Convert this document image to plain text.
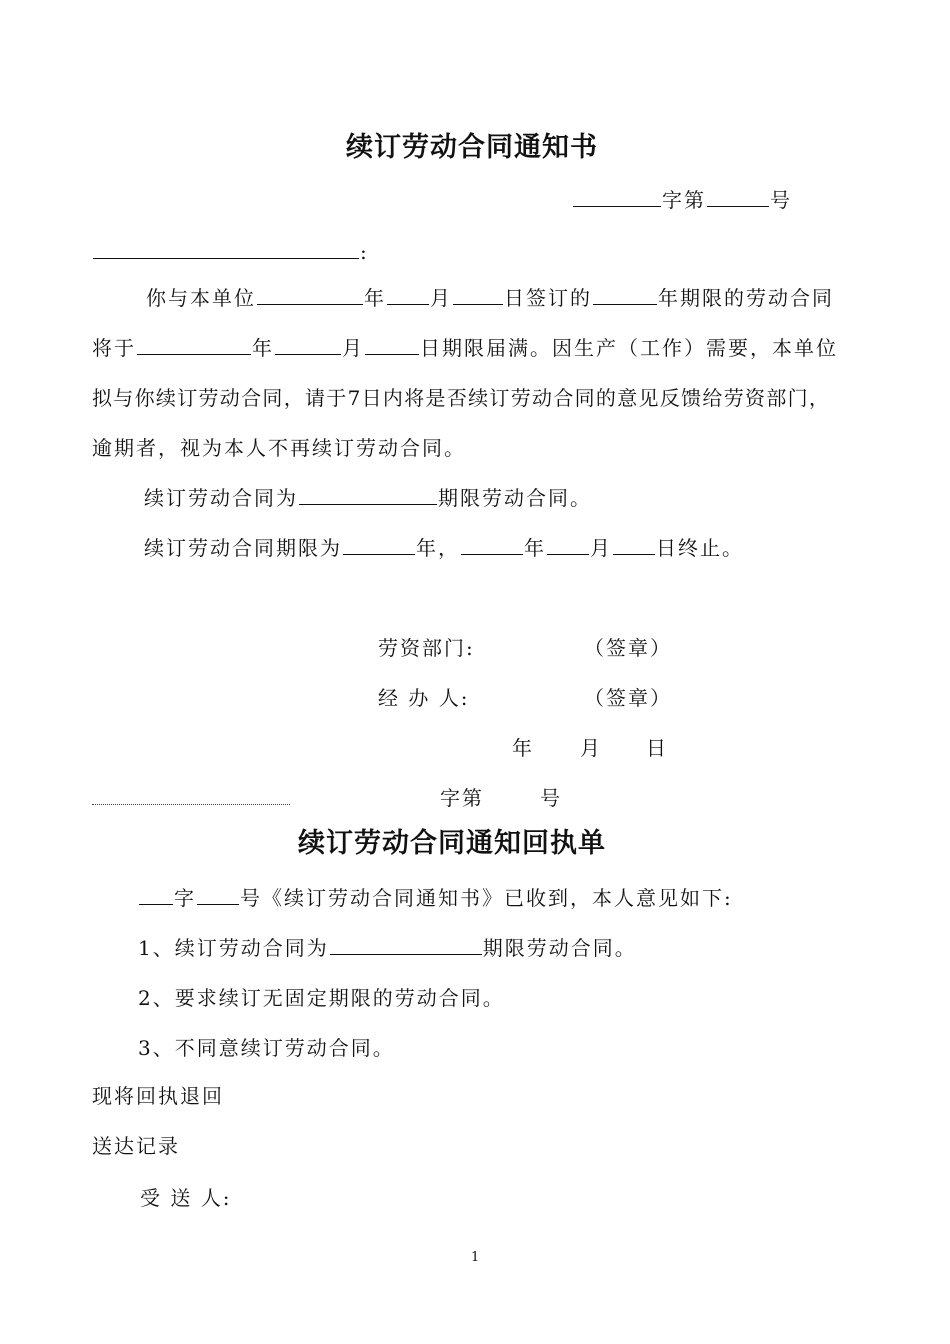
续订劳动合同通知书
字第	号
:
你与本单位	年 月	日签订的	年期限的劳动合同
将于	年	月	日期限届满。因生产（工作）需要，本单位
拟与你续订劳动合同，请于7日内将是否续订劳动合同的意见反馈给劳资部门，
逾期者，视为本人不再续订劳动合同。
续订劳动合同为	期限劳动合同。
续订劳动合同期限为	年，	年 月 日终止。
劳资部门:	（签章）
经 办 人:	（签章）
年 月 日
字第	号
续订劳动合同通知回执单
字 号《续订劳动合同通知书》已收到，本人意见如下:
1、续订劳动合同为	期限劳动合同。
2、要求续订无固定期限的劳动合同。
3、不同意续订劳动合同。
现将回执退回
送达记录
受 送 人:
1
